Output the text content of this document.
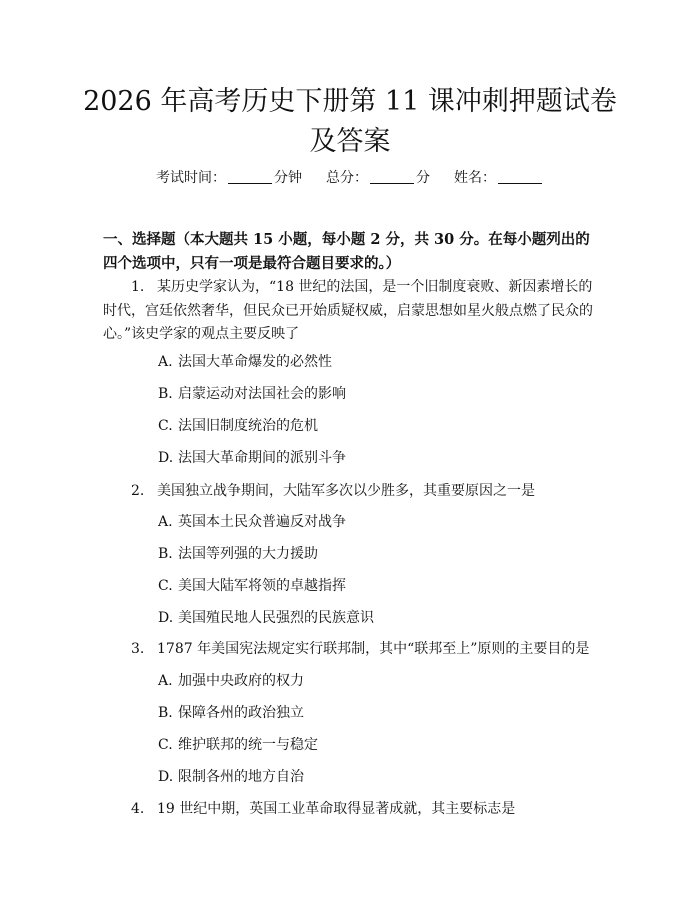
2026 年高考历史下册第 11 课冲刺押题试卷
及答案
考试时间：	分钟 总分：	分 姓名：
一、选择题（本大题共 15 小题，每小题 2 分，共 30 分。在每小题列出的四个选项中，只有一项是最符合题目要求的。）
1. 某历史学家认为，“18 世纪的法国，是一个旧制度衰败、新因素增长的时代，宫廷依然奢华，但民众已开始质疑权威，启蒙思想如星火般点燃了民众的心。”该史学家的观点主要反映了
A. 法国大革命爆发的必然性
B. 启蒙运动对法国社会的影响
C. 法国旧制度统治的危机
D. 法国大革命期间的派别斗争
2. 美国独立战争期间，大陆军多次以少胜多，其重要原因之一是
A. 英国本土民众普遍反对战争
B. 法国等列强的大力援助
C. 美国大陆军将领的卓越指挥
D. 美国殖民地人民强烈的民族意识
3. 1787 年美国宪法规定实行联邦制，其中“联邦至上”原则的主要目的是
A. 加强中央政府的权力
B. 保障各州的政治独立
C. 维护联邦的统一与稳定
D. 限制各州的地方自治
4. 19 世纪中期，英国工业革命取得显著成就，其主要标志是
